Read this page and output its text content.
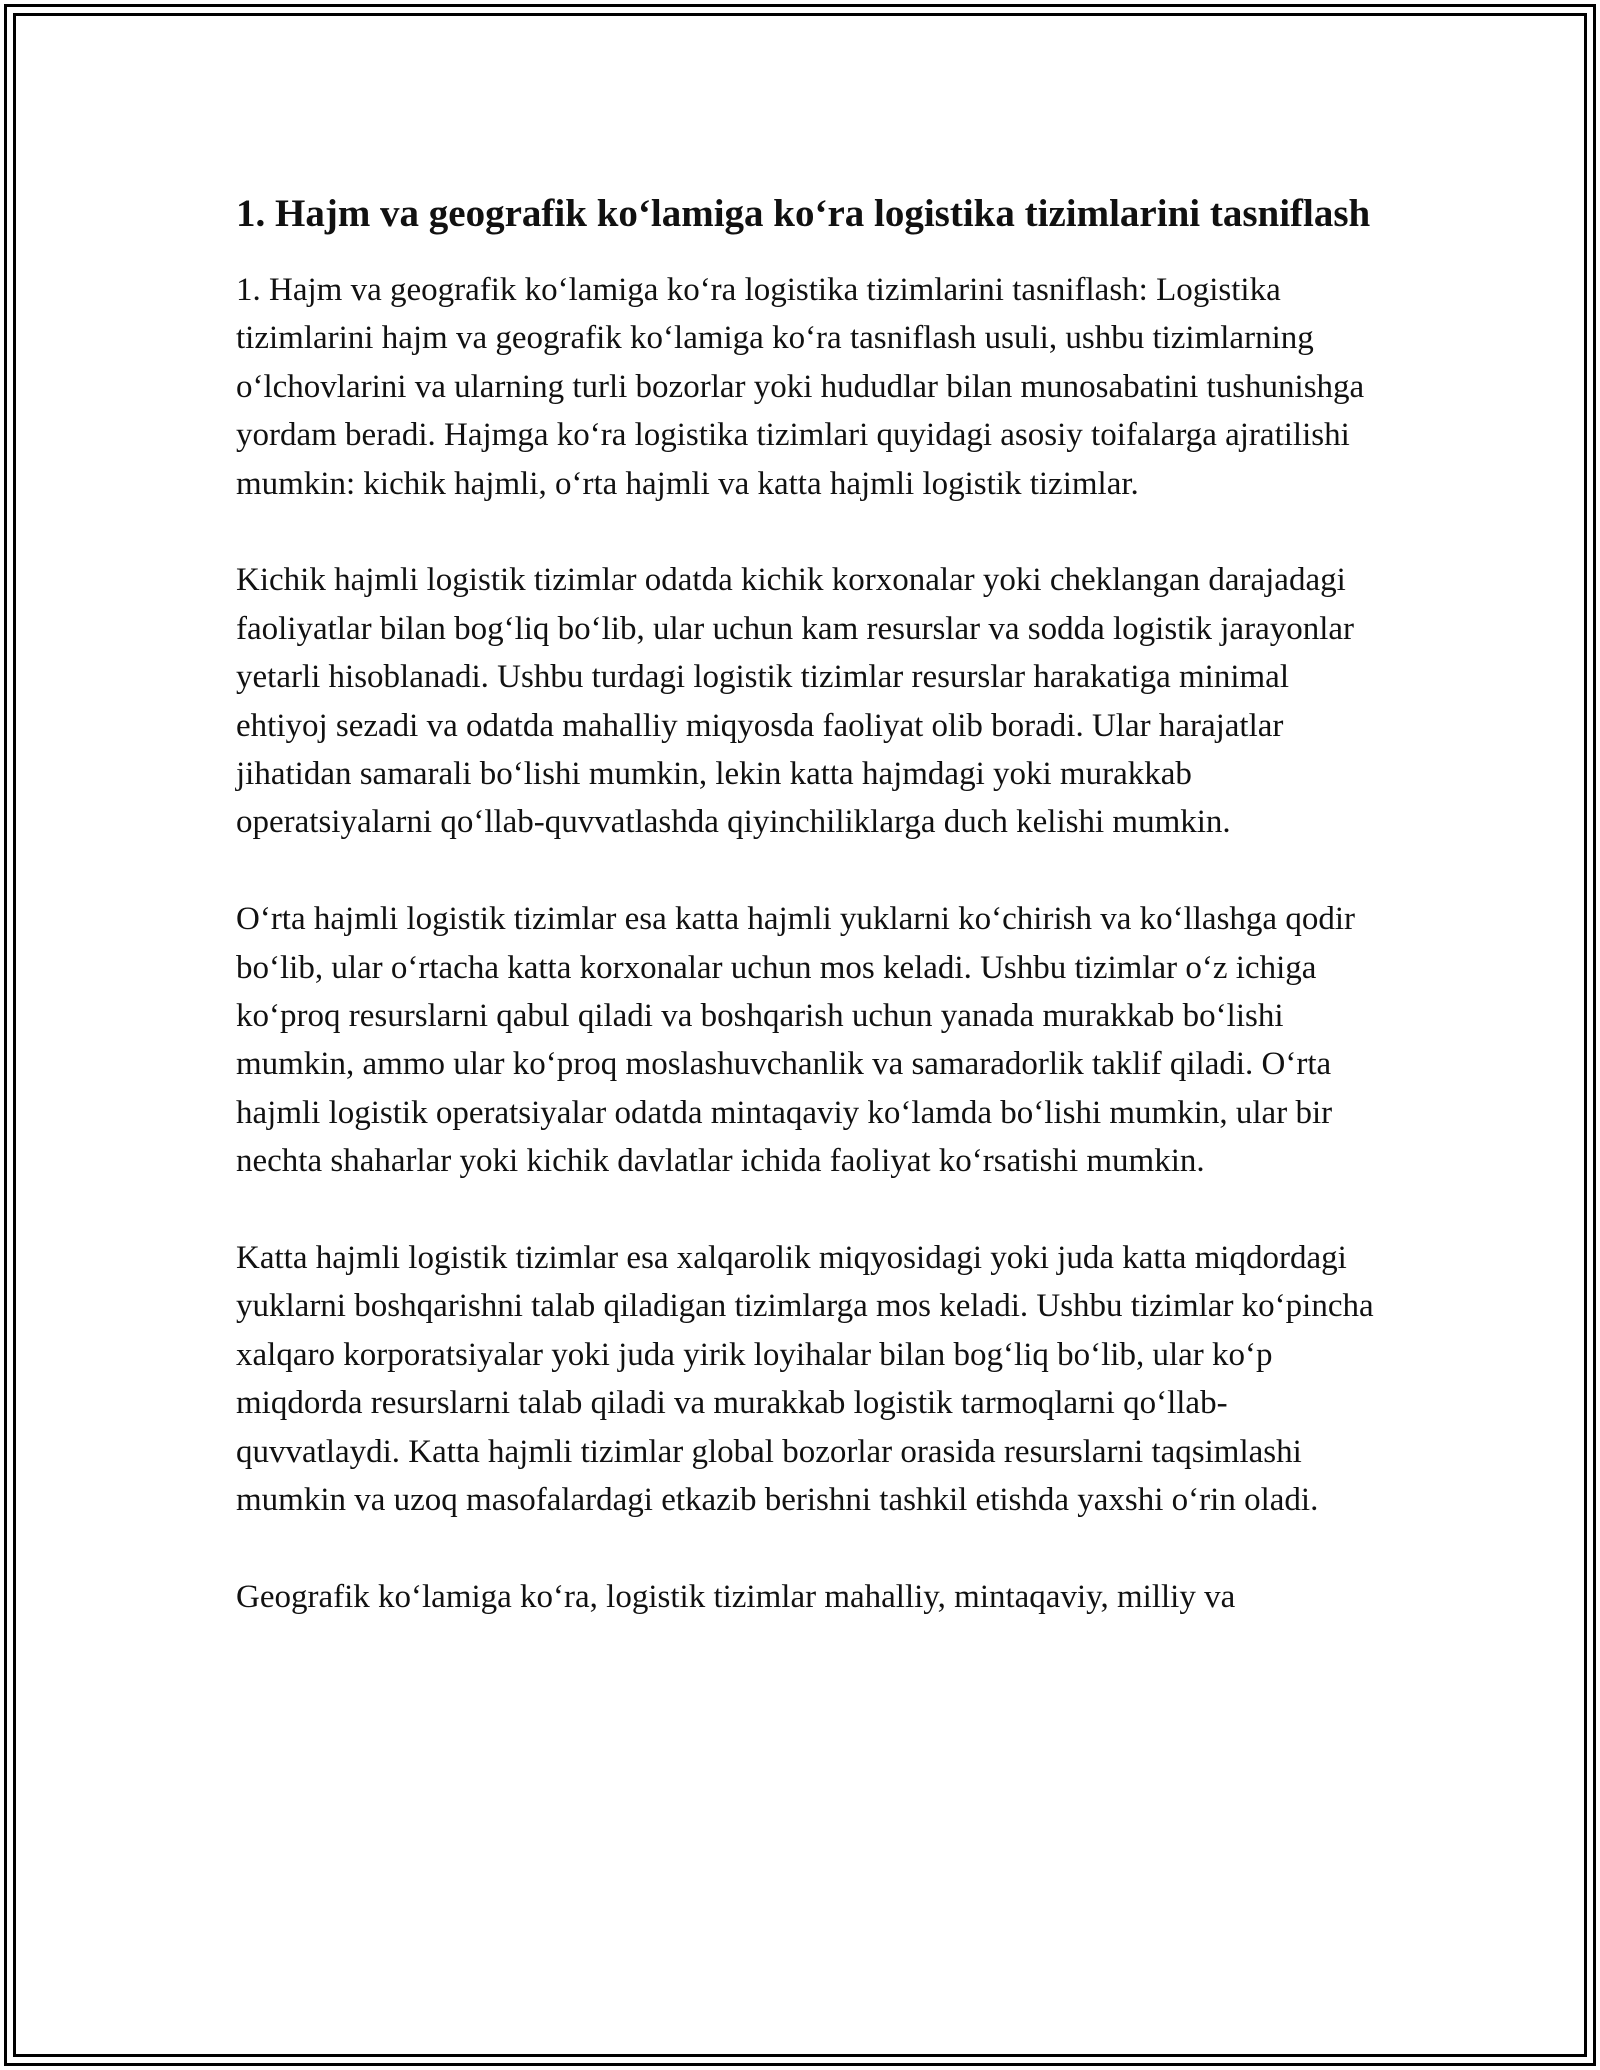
1. Hajm va geografik ko‘lamiga ko‘ra logistika tizimlarini tasniflash

1. Hajm va geografik ko‘lamiga ko‘ra logistika tizimlarini tasniflash: Logistika tizimlarini hajm va geografik ko‘lamiga ko‘ra tasniflash usuli, ushbu tizimlarning o‘lchovlarini va ularning turli bozorlar yoki hududlar bilan munosabatini tushunishga yordam beradi. Hajmga ko‘ra logistika tizimlari quyidagi asosiy toifalarga ajratilishi mumkin: kichik hajmli, o‘rta hajmli va katta hajmli logistik tizimlar.

Kichik hajmli logistik tizimlar odatda kichik korxonalar yoki cheklangan darajadagi faoliyatlar bilan bog‘liq bo‘lib, ular uchun kam resurslar va sodda logistik jarayonlar yetarli hisoblanadi. Ushbu turdagi logistik tizimlar resurslar harakatiga minimal ehtiyoj sezadi va odatda mahalliy miqyosda faoliyat olib boradi. Ular harajatlar jihatidan samarali bo‘lishi mumkin, lekin katta hajmdagi yoki murakkab operatsiyalarni qo‘llab-quvvatlashda qiyinchiliklarga duch kelishi mumkin.

O‘rta hajmli logistik tizimlar esa katta hajmli yuklarni ko‘chirish va ko‘llashga qodir bo‘lib, ular o‘rtacha katta korxonalar uchun mos keladi. Ushbu tizimlar o‘z ichiga ko‘proq resurslarni qabul qiladi va boshqarish uchun yanada murakkab bo‘lishi mumkin, ammo ular ko‘proq moslashuvchanlik va samaradorlik taklif qiladi. O‘rta hajmli logistik operatsiyalar odatda mintaqaviy ko‘lamda bo‘lishi mumkin, ular bir nechta shaharlar yoki kichik davlatlar ichida faoliyat ko‘rsatishi mumkin.

Katta hajmli logistik tizimlar esa xalqarolik miqyosidagi yoki juda katta miqdordagi yuklarni boshqarishni talab qiladigan tizimlarga mos keladi. Ushbu tizimlar ko‘pincha xalqaro korporatsiyalar yoki juda yirik loyihalar bilan bog‘liq bo‘lib, ular ko‘p miqdorda resurslarni talab qiladi va murakkab logistik tarmoqlarni qo‘llab-quvvatlaydi. Katta hajmli tizimlar global bozorlar orasida resurslarni taqsimlashi mumkin va uzoq masofalardagi etkazib berishni tashkil etishda yaxshi o‘rin oladi.

Geografik ko‘lamiga ko‘ra, logistik tizimlar mahalliy, mintaqaviy, milliy va
